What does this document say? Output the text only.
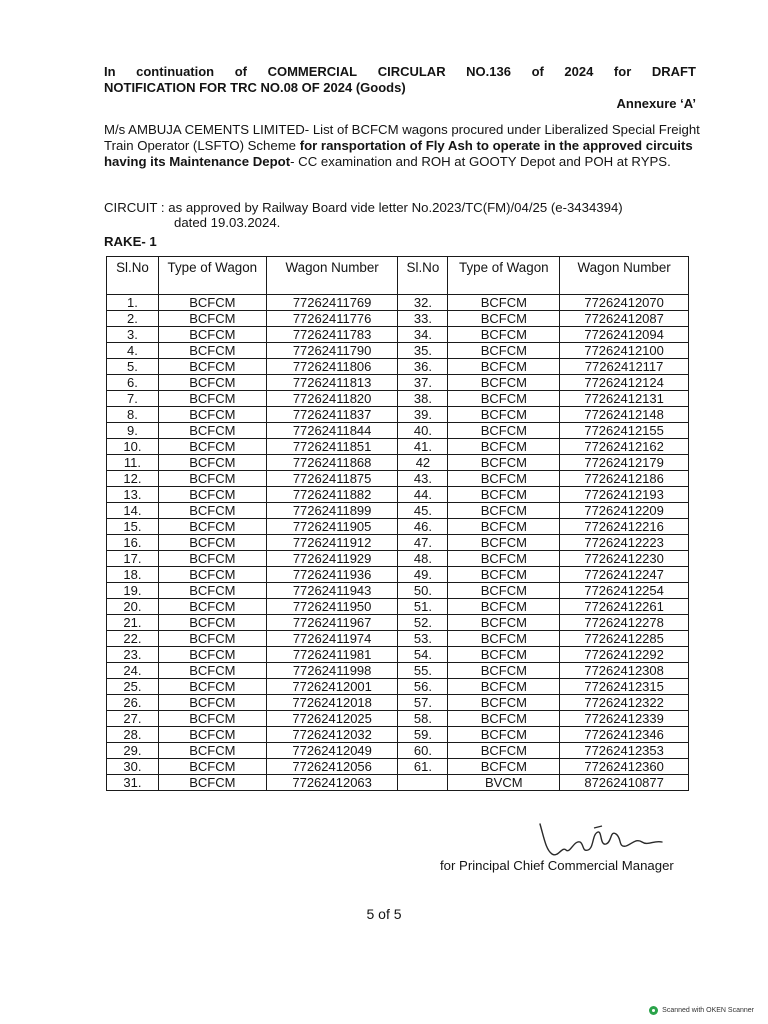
In continuation of COMMERCIAL CIRCULAR NO.136 of 2024 for DRAFT
NOTIFICATION FOR TRC NO.08 OF 2024 (Goods)
Annexure ‘A’
M/s AMBUJA CEMENTS LIMITED- List of BCFCM wagons procured under Liberalized Special Freight Train Operator (LSFTO) Scheme for ransportation of Fly Ash to operate in the approved circuits having its Maintenance Depot- CC examination and ROH at GOOTY Depot and POH at RYPS.
CIRCUIT : as approved by Railway Board vide letter No.2023/TC(FM)/04/25 (e-3434394)
dated 19.03.2024.
RAKE- 1
Sl.No	Type of Wagon	Wagon Number	Sl.No	Type of Wagon	Wagon Number
1.	BCFCM	77262411769	32.	BCFCM	77262412070
2.	BCFCM	77262411776	33.	BCFCM	77262412087
3.	BCFCM	77262411783	34.	BCFCM	77262412094
4.	BCFCM	77262411790	35.	BCFCM	77262412100
5.	BCFCM	77262411806	36.	BCFCM	77262412117
6.	BCFCM	77262411813	37.	BCFCM	77262412124
7.	BCFCM	77262411820	38.	BCFCM	77262412131
8.	BCFCM	77262411837	39.	BCFCM	77262412148
9.	BCFCM	77262411844	40.	BCFCM	77262412155
10.	BCFCM	77262411851	41.	BCFCM	77262412162
11.	BCFCM	77262411868	42	BCFCM	77262412179
12.	BCFCM	77262411875	43.	BCFCM	77262412186
13.	BCFCM	77262411882	44.	BCFCM	77262412193
14.	BCFCM	77262411899	45.	BCFCM	77262412209
15.	BCFCM	77262411905	46.	BCFCM	77262412216
16.	BCFCM	77262411912	47.	BCFCM	77262412223
17.	BCFCM	77262411929	48.	BCFCM	77262412230
18.	BCFCM	77262411936	49.	BCFCM	77262412247
19.	BCFCM	77262411943	50.	BCFCM	77262412254
20.	BCFCM	77262411950	51.	BCFCM	77262412261
21.	BCFCM	77262411967	52.	BCFCM	77262412278
22.	BCFCM	77262411974	53.	BCFCM	77262412285
23.	BCFCM	77262411981	54.	BCFCM	77262412292
24.	BCFCM	77262411998	55.	BCFCM	77262412308
25.	BCFCM	77262412001	56.	BCFCM	77262412315
26.	BCFCM	77262412018	57.	BCFCM	77262412322
27.	BCFCM	77262412025	58.	BCFCM	77262412339
28.	BCFCM	77262412032	59.	BCFCM	77262412346
29.	BCFCM	77262412049	60.	BCFCM	77262412353
30.	BCFCM	77262412056	61.	BCFCM	77262412360
31.	BCFCM	77262412063		BVCM	87262410877
for Principal Chief Commercial Manager
5 of 5
Scanned with OKEN Scanner
